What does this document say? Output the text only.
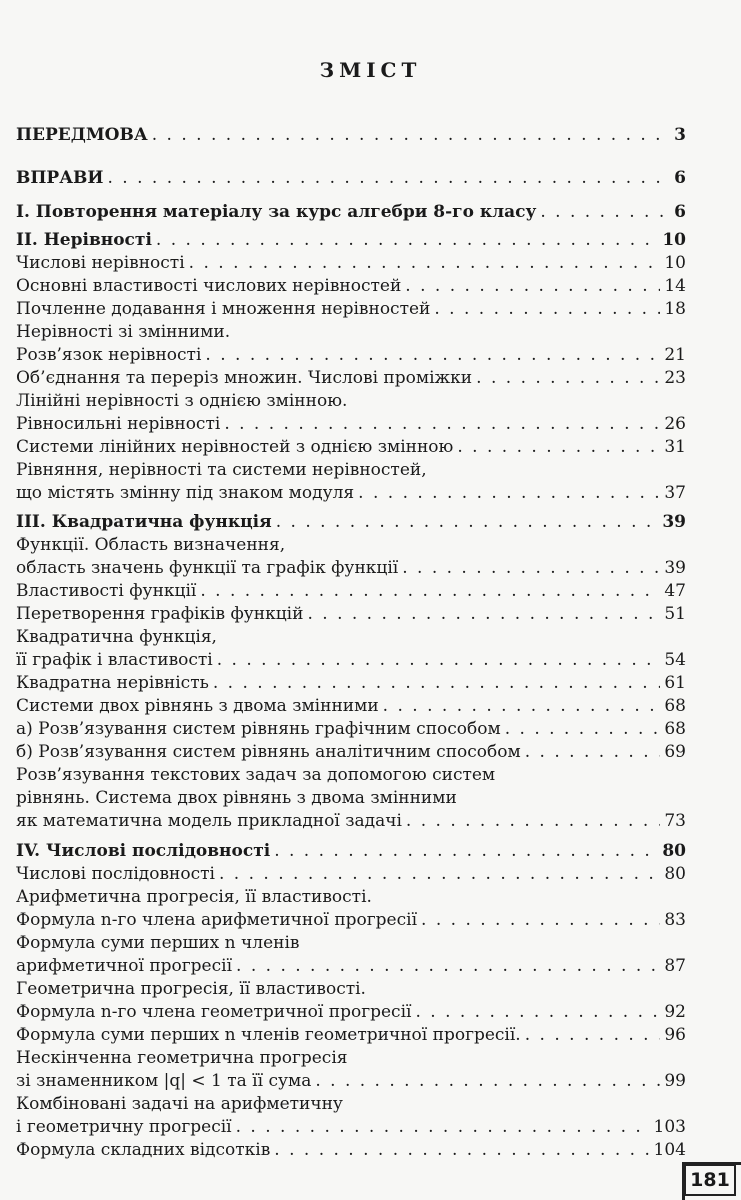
ЗМІСТ
ПЕРЕДМОВА . . .	3
ВПРАВИ . . .	6
І. Повторення матеріалу за курс алгебри 8-го класу . . .	6
ІІ. Нерівності . . .	10
Числові нерівності . . .	10
Основні властивості числових нерівностей . . .	14
Почленне додавання і множення нерівностей . . .	18
Нерівності зі змінними.
Розв’язок нерівності . . .	21
Об’єднання та переріз множин. Числові проміжки . . .	23
Лінійні нерівності з однією змінною.
Рівносильні нерівності . . .	26
Системи лінійних нерівностей з однією змінною . . .	31
Рівняння, нерівності та системи нерівностей,
що містять змінну під знаком модуля . . .	37
ІІІ. Квадратична функція . . .	39
Функції. Область визначення,
область значень функції та графік функції . . .	39
Властивості функції . . .	47
Перетворення графіків функцій . . .	51
Квадратична функція,
її графік і властивості . . .	54
Квадратна нерівність . . .	61
Системи двох рівнянь з двома змінними . . .	68
а) Розв’язування систем рівнянь графічним способом . . .	68
б) Розв’язування систем рівнянь аналітичним способом . . .	69
Розв’язування текстових задач за допомогою систем
рівнянь. Система двох рівнянь з двома змінними
як математична модель прикладної задачі . . .	73
IV. Числові послідовності . . .	80
Числові послідовності . . .	80
Арифметична прогресія, її властивості.
Формула n-го члена арифметичної прогресії . . .	83
Формула суми перших n членів
арифметичної прогресії . . .	87
Геометрична прогресія, її властивості.
Формула n-го члена геометричної прогресії . . .	92
Формула суми перших n членів геометричної прогресії. . . .	96
Нескінченна геометрична прогресія
зі знаменником |q| < 1 та її сума . . .	99
Комбіновані задачі на арифметичну
і геометричну прогресії . . .	103
Формула складних відсотків . . .	104
181
